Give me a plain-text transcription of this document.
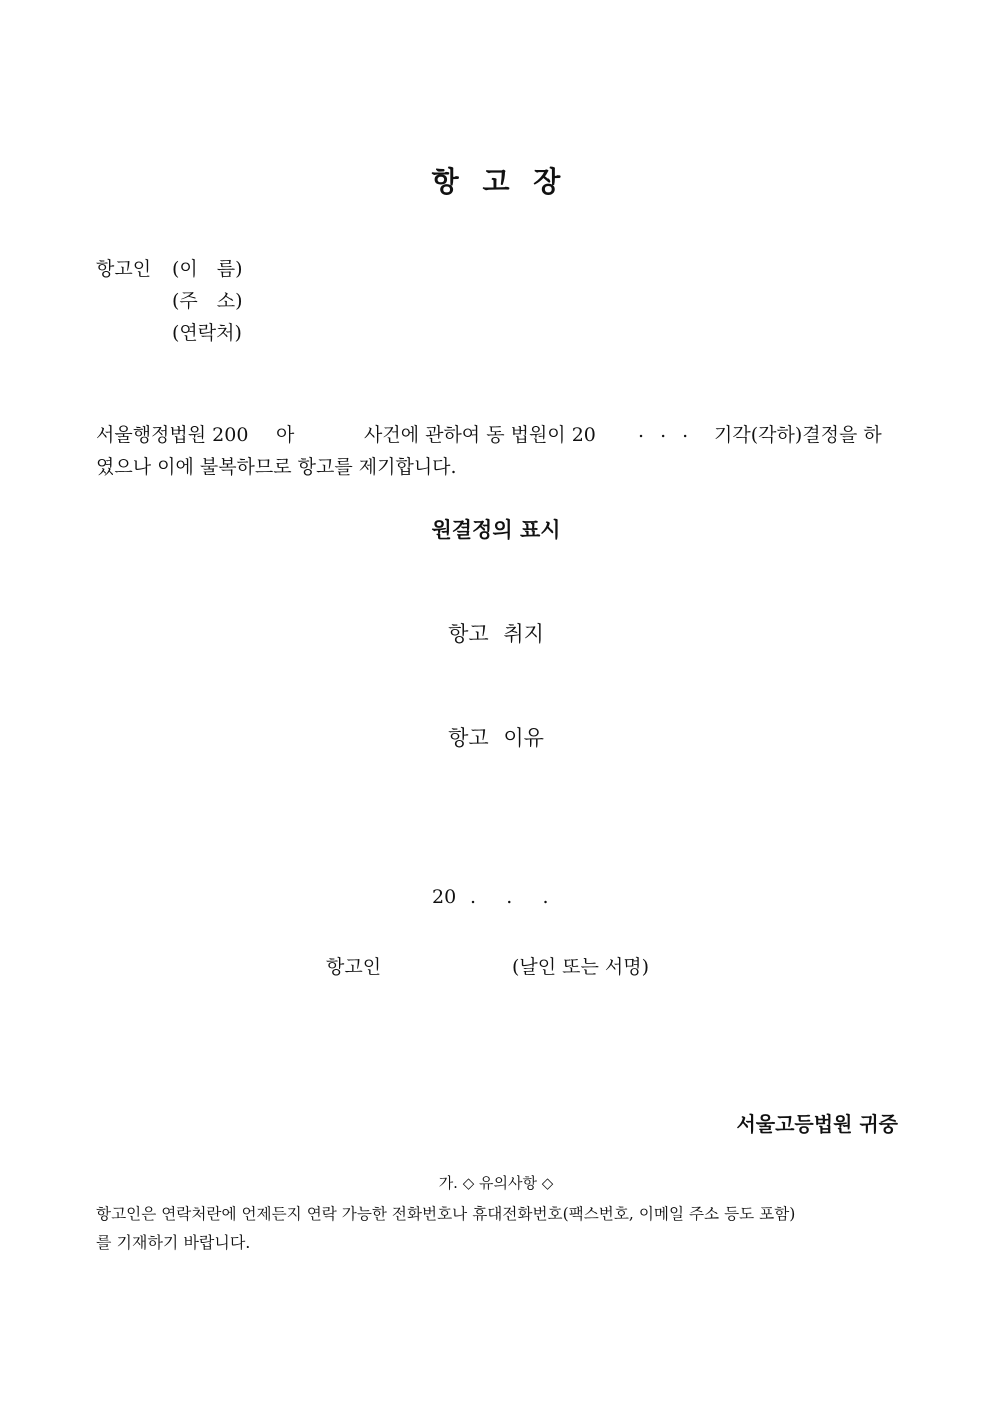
항 고 장
항고인 (이　름)
(주　소)
(연락처)
서울행정법원 200 아	사건에 관하여 동 법원이 20 . . . 기각(각하)결정을 하
였으나 이에 불복하므로 항고를 제기합니다.
원결정의 표시
항고 취지
항고 이유
20 .     .     .
항고인	(날인 또는 서명)
서울고등법원 귀중
가. ◇ 유의사항 ◇
항고인은 연락처란에 언제든지 연락 가능한 전화번호나 휴대전화번호(팩스번호, 이메일 주소 등도 포함)
를 기재하기 바랍니다.
